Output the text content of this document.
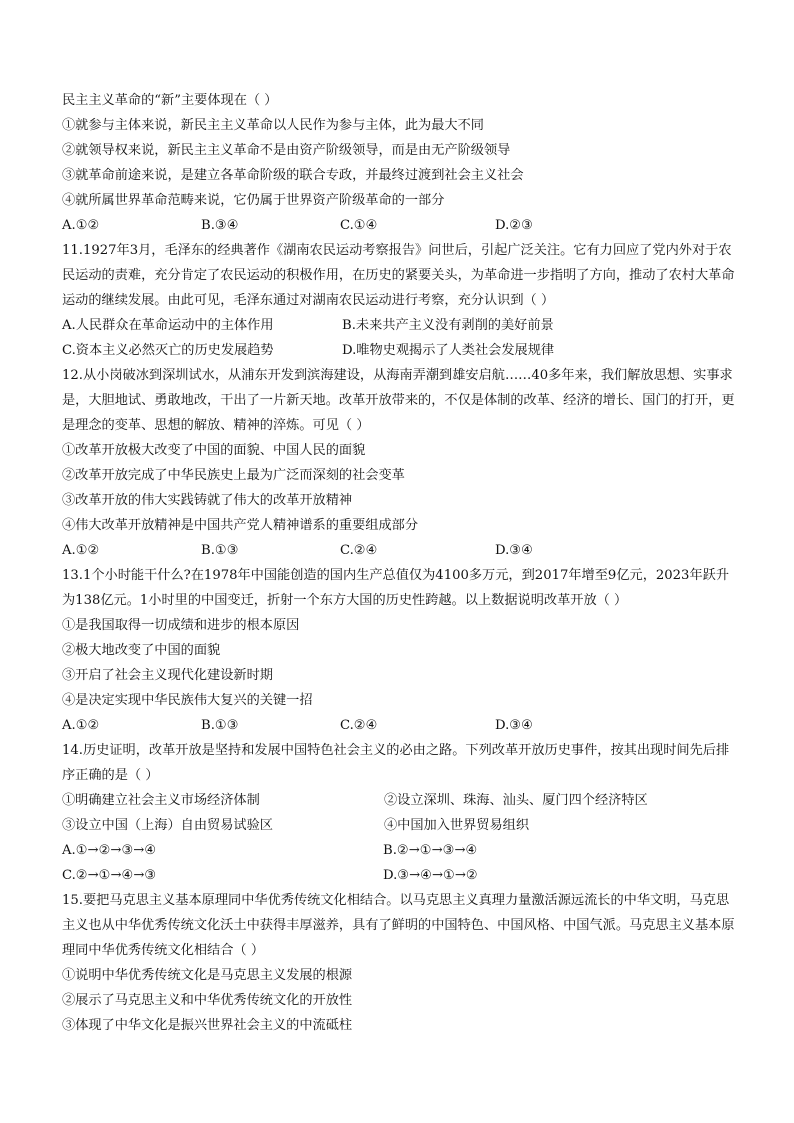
民主主义革命的“新”主要体现在（ ）
①就参与主体来说，新民主主义革命以人民作为参与主体，此为最大不同
②就领导权来说，新民主主义革命不是由资产阶级领导，而是由无产阶级领导
③就革命前途来说，是建立各革命阶级的联合专政，并最终过渡到社会主义社会
④就所属世界革命范畴来说，它仍属于世界资产阶级革命的一部分
A.①②	B.③④	C.①④	D.②③
11.1927年3月，毛泽东的经典著作《湖南农民运动考察报告》问世后，引起广泛关注。它有力回应了党内外对于农民运动的责难，充分肯定了农民运动的积极作用，在历史的紧要关头，为革命进一步指明了方向，推动了农村大革命运动的继续发展。由此可见，毛泽东通过对湖南农民运动进行考察，充分认识到（ ）
A.人民群众在革命运动中的主体作用	B.未来共产主义没有剥削的美好前景
C.资本主义必然灭亡的历史发展趋势	D.唯物史观揭示了人类社会发展规律
12.从小岗破冰到深圳试水，从浦东开发到滨海建设，从海南弄潮到雄安启航……40多年来，我们解放思想、实事求是，大胆地试、勇敢地改，干出了一片新天地。改革开放带来的，不仅是体制的改革、经济的增长、国门的打开，更是理念的变革、思想的解放、精神的淬炼。可见（ ）
①改革开放极大改变了中国的面貌、中国人民的面貌
②改革开放完成了中华民族史上最为广泛而深刻的社会变革
③改革开放的伟大实践铸就了伟大的改革开放精神
④伟大改革开放精神是中国共产党人精神谱系的重要组成部分
A.①②	B.①③	C.②④	D.③④
13.1个小时能干什么?在1978年中国能创造的国内生产总值仅为4100多万元，到2017年增至9亿元，2023年跃升为138亿元。1小时里的中国变迁，折射一个东方大国的历史性跨越。以上数据说明改革开放（ ）
①是我国取得一切成绩和进步的根本原因
②极大地改变了中国的面貌
③开启了社会主义现代化建设新时期
④是决定实现中华民族伟大复兴的关键一招
A.①②	B.①③	C.②④	D.③④
14.历史证明，改革开放是坚持和发展中国特色社会主义的必由之路。下列改革开放历史事件，按其出现时间先后排序正确的是（ ）
①明确建立社会主义市场经济体制	②设立深圳、珠海、汕头、厦门四个经济特区
③设立中国（上海）自由贸易试验区	④中国加入世界贸易组织
A.①→②→③→④	B.②→①→③→④
C.②→①→④→③	D.③→④→①→②
15.要把马克思主义基本原理同中华优秀传统文化相结合。以马克思主义真理力量激活源远流长的中华文明，马克思主义也从中华优秀传统文化沃土中获得丰厚滋养，具有了鲜明的中国特色、中国风格、中国气派。马克思主义基本原理同中华优秀传统文化相结合（ ）
①说明中华优秀传统文化是马克思主义发展的根源
②展示了马克思主义和中华优秀传统文化的开放性
③体现了中华文化是振兴世界社会主义的中流砥柱
